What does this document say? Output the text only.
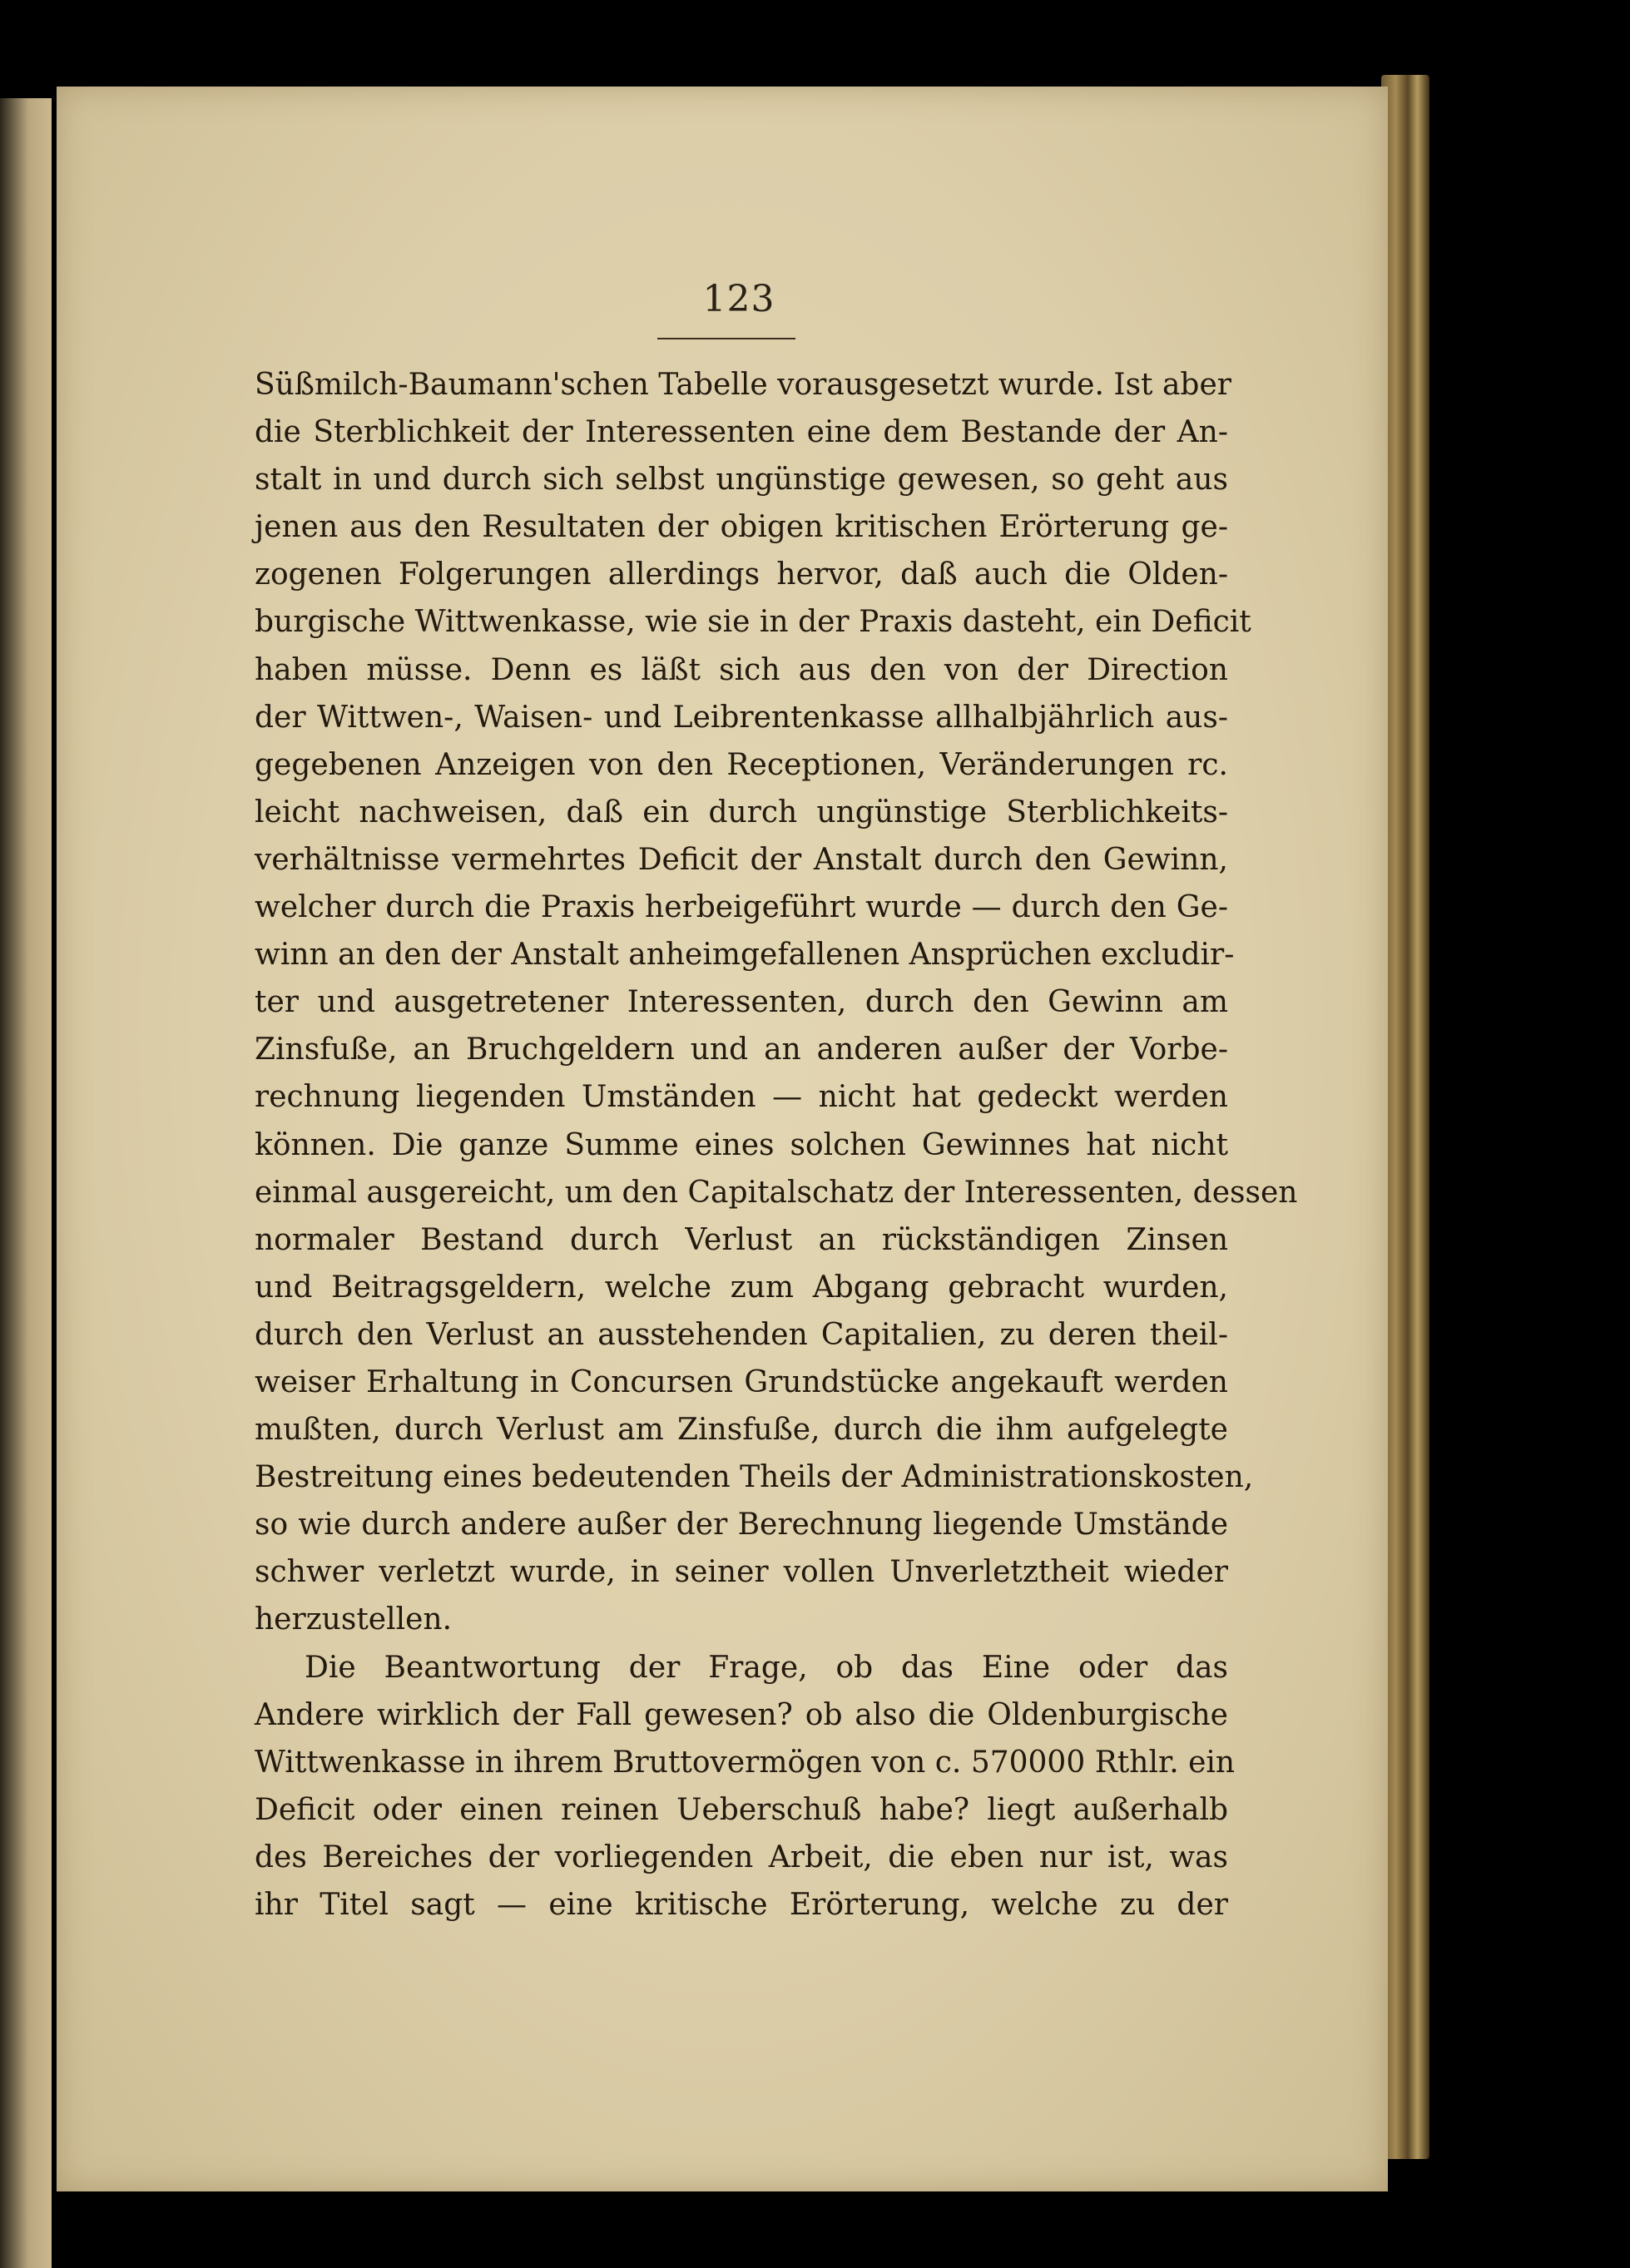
123
Süßmilch-Baumann'schen Tabelle vorausgesetzt wurde. Ist aber
die Sterblichkeit der Interessenten eine dem Bestande der An-
stalt in und durch sich selbst ungünstige gewesen, so geht aus
jenen aus den Resultaten der obigen kritischen Erörterung ge-
zogenen Folgerungen allerdings hervor, daß auch die Olden-
burgische Wittwenkasse, wie sie in der Praxis dasteht, ein Deficit
haben müsse. Denn es läßt sich aus den von der Direction
der Wittwen-, Waisen- und Leibrentenkasse allhalbjährlich aus-
gegebenen Anzeigen von den Receptionen, Veränderungen rc.
leicht nachweisen, daß ein durch ungünstige Sterblichkeits-
verhältnisse vermehrtes Deficit der Anstalt durch den Gewinn,
welcher durch die Praxis herbeigeführt wurde — durch den Ge-
winn an den der Anstalt anheimgefallenen Ansprüchen excludir-
ter und ausgetretener Interessenten, durch den Gewinn am
Zinsfuße, an Bruchgeldern und an anderen außer der Vorbe-
rechnung liegenden Umständen — nicht hat gedeckt werden
können. Die ganze Summe eines solchen Gewinnes hat nicht
einmal ausgereicht, um den Capitalschatz der Interessenten, dessen
normaler Bestand durch Verlust an rückständigen Zinsen
und Beitragsgeldern, welche zum Abgang gebracht wurden,
durch den Verlust an ausstehenden Capitalien, zu deren theil-
weiser Erhaltung in Concursen Grundstücke angekauft werden
mußten, durch Verlust am Zinsfuße, durch die ihm aufgelegte
Bestreitung eines bedeutenden Theils der Administrationskosten,
so wie durch andere außer der Berechnung liegende Umstände
schwer verletzt wurde, in seiner vollen Unverletztheit wieder
herzustellen.
Die Beantwortung der Frage, ob das Eine oder das
Andere wirklich der Fall gewesen? ob also die Oldenburgische
Wittwenkasse in ihrem Bruttovermögen von c. 570000 Rthlr. ein
Deficit oder einen reinen Ueberschuß habe? liegt außerhalb
des Bereiches der vorliegenden Arbeit, die eben nur ist, was
ihr Titel sagt — eine kritische Erörterung, welche zu der
